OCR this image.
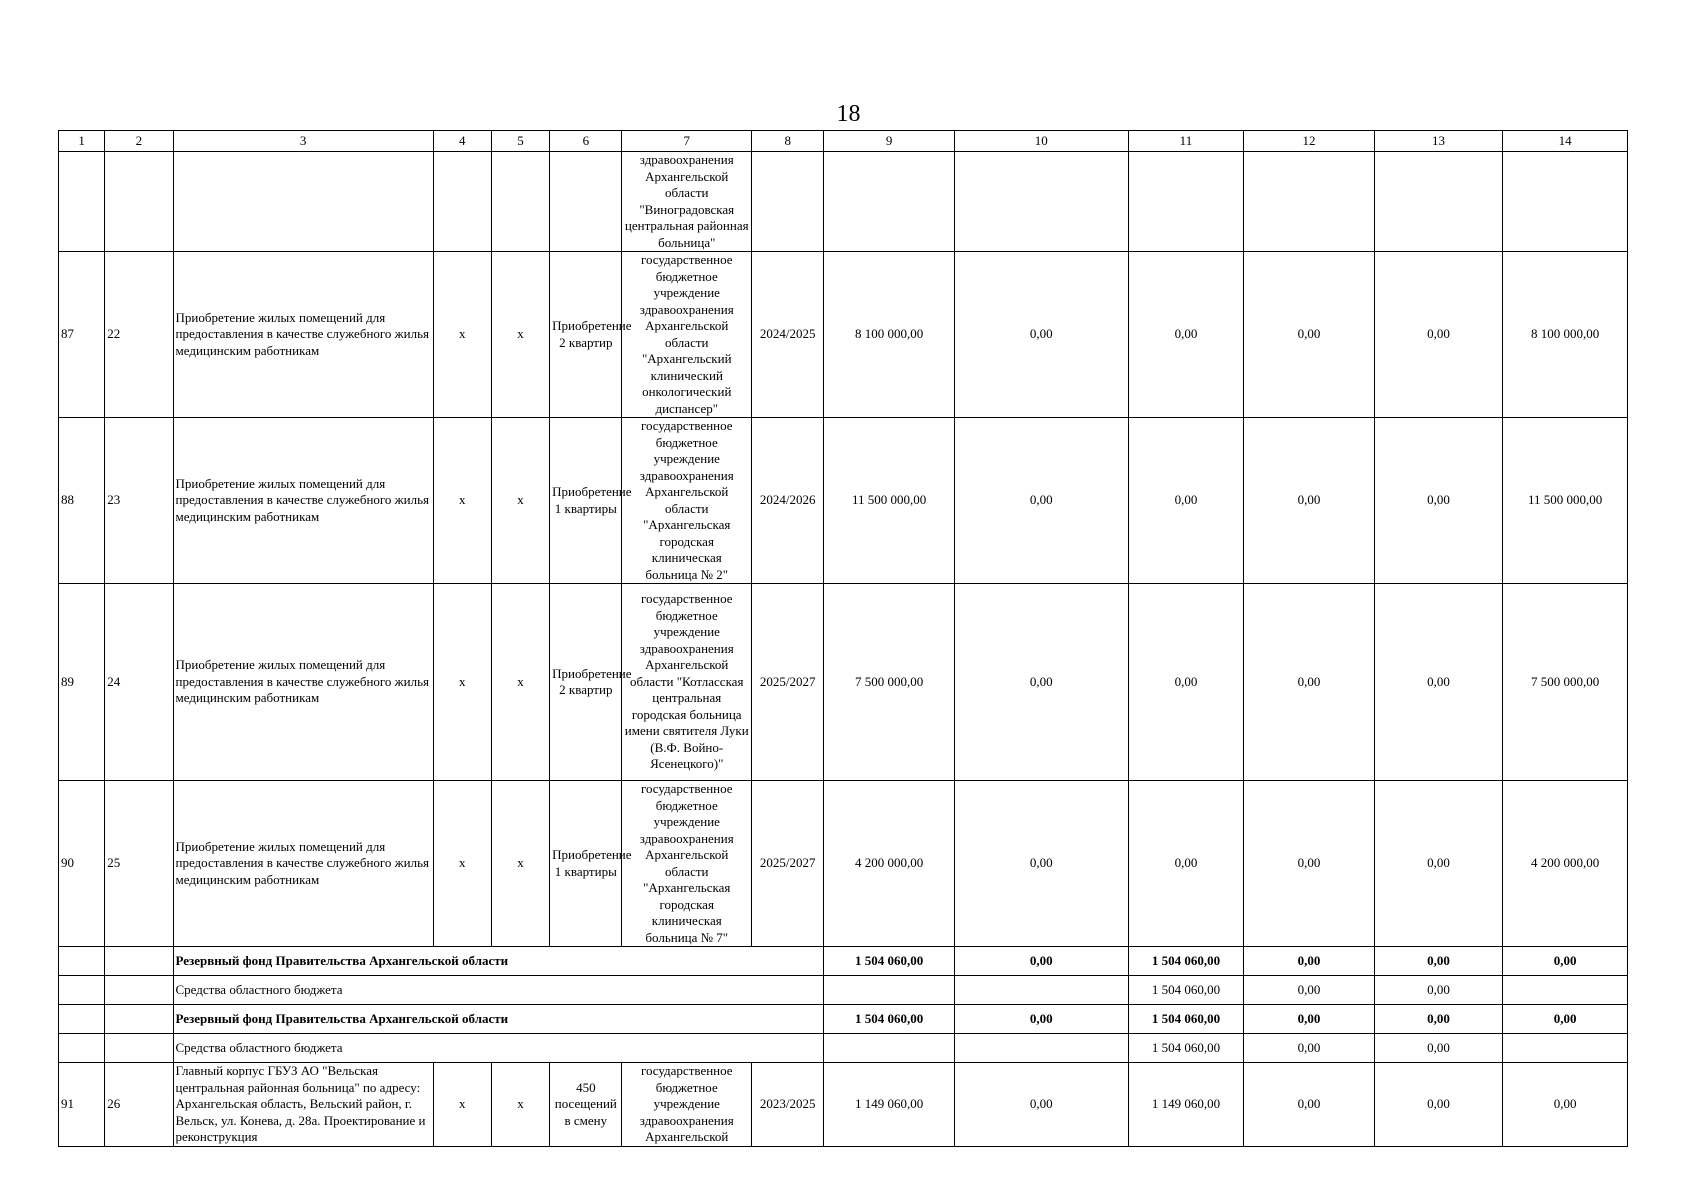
18
1	2	3	4	5	6	7	8	9	10	11	12	13	14
						здравоохранения Архангельской области "Виноградовская центральная районная больница"							
87	22	Приобретение жилых помещений для предоставления в качестве служебного жилья медицинским работникам	х	х	Приобретение 2 квартир	государственное бюджетное учреждение здравоохранения Архангельской области "Архангельский клинический онкологический диспансер"	2024/2025	8 100 000,00	0,00	0,00	0,00	0,00	8 100 000,00
88	23	Приобретение жилых помещений для предоставления в качестве служебного жилья медицинским работникам	х	х	Приобретение 1 квартиры	государственное бюджетное учреждение здравоохранения Архангельской области "Архангельская городская клиническая больница № 2"	2024/2026	11 500 000,00	0,00	0,00	0,00	0,00	11 500 000,00
89	24	Приобретение жилых помещений для предоставления в качестве служебного жилья медицинским работникам	х	х	Приобретение 2 квартир	государственное бюджетное учреждение здравоохранения Архангельской области "Котласская центральная городская больница имени святителя Луки (В.Ф. Войно-Ясенецкого)"	2025/2027	7 500 000,00	0,00	0,00	0,00	0,00	7 500 000,00
90	25	Приобретение жилых помещений для предоставления в качестве служебного жилья медицинским работникам	х	х	Приобретение 1 квартиры	государственное бюджетное учреждение здравоохранения Архангельской области "Архангельская городская клиническая больница № 7"	2025/2027	4 200 000,00	0,00	0,00	0,00	0,00	4 200 000,00
		Резервный фонд Правительства Архангельской области						1 504 060,00	0,00	1 504 060,00	0,00	0,00	0,00
		Средства областного бюджета								1 504 060,00	0,00	0,00	
		Резервный фонд Правительства Архангельской области						1 504 060,00	0,00	1 504 060,00	0,00	0,00	0,00
		Средства областного бюджета								1 504 060,00	0,00	0,00	
91	26	Главный корпус ГБУЗ АО "Вельская центральная районная больница" по адресу: Архангельская область, Вельский район, г. Вельск, ул. Конева, д. 28а. Проектирование и реконструкция	х	х	450 посещений в смену	государственное бюджетное учреждение здравоохранения Архангельской	2023/2025	1 149 060,00	0,00	1 149 060,00	0,00	0,00	0,00
